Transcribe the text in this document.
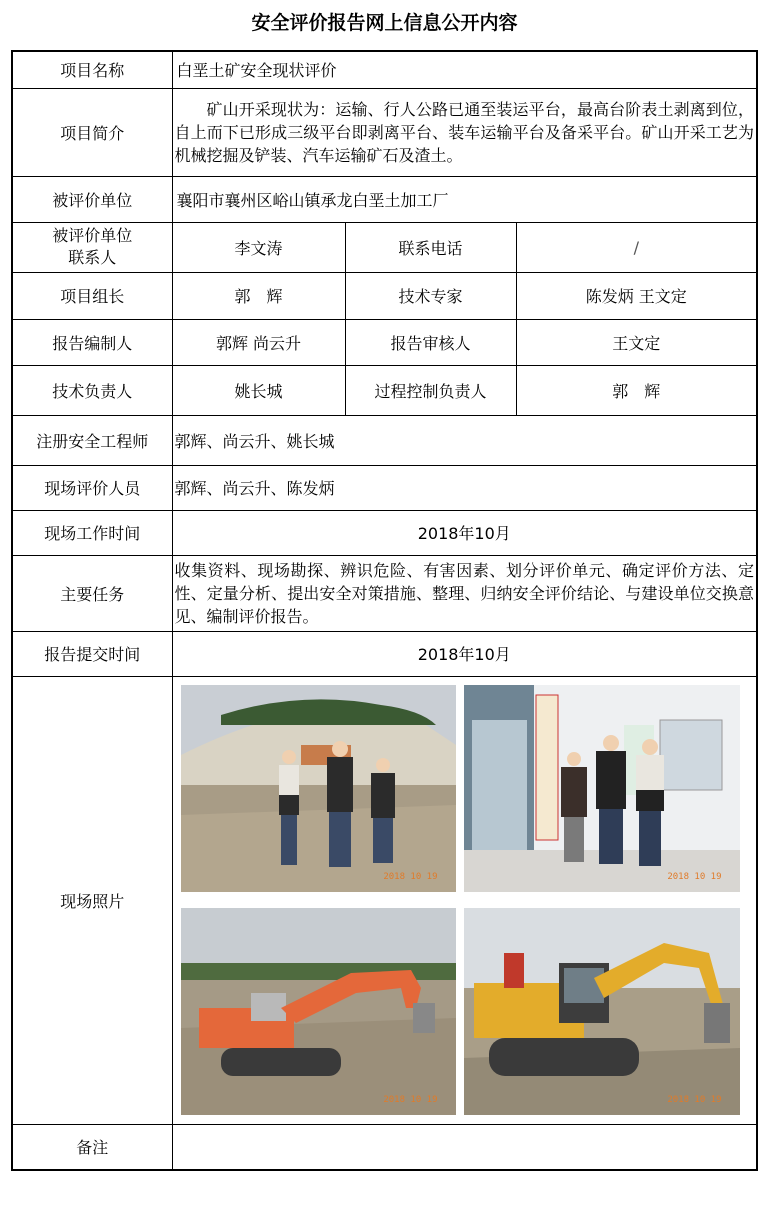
安全评价报告网上信息公开内容
项目名称	白垩土矿安全现状评价		
项目简介	矿山开采现状为：运输、行人公路已通至装运平台，最高台阶表土剥离到位，自上而下已形成三级平台即剥离平台、装车运输平台及备采平台。矿山开采工艺为机械挖掘及铲装、汽车运输矿石及渣土。		
被评价单位	襄阳市襄州区峪山镇承龙白垩土加工厂		

被评价单位
联系人	李文涛	联系电话	/
项目组长	郭　辉	技术专家	陈发炳 王文定
报告编制人	郭辉 尚云升	报告审核人	王文定
技术负责人	姚长城	过程控制负责人	郭　辉
注册安全工程师	郭辉、尚云升、姚长城		
现场评价人员	郭辉、尚云升、陈发炳		
现场工作时间	2018年10月		
主要任务	收集资料、现场勘探、辨识危险、有害因素、划分评价单元、确定评价方法、定性、定量分析、提出安全对策措施、整理、归纳安全评价结论、与建设单位交换意见、编制评价报告。		
报告提交时间	2018年10月		
现场照片	2018 10 19 2018 10 19
2018 10 19 2018 10 19		

备注			
